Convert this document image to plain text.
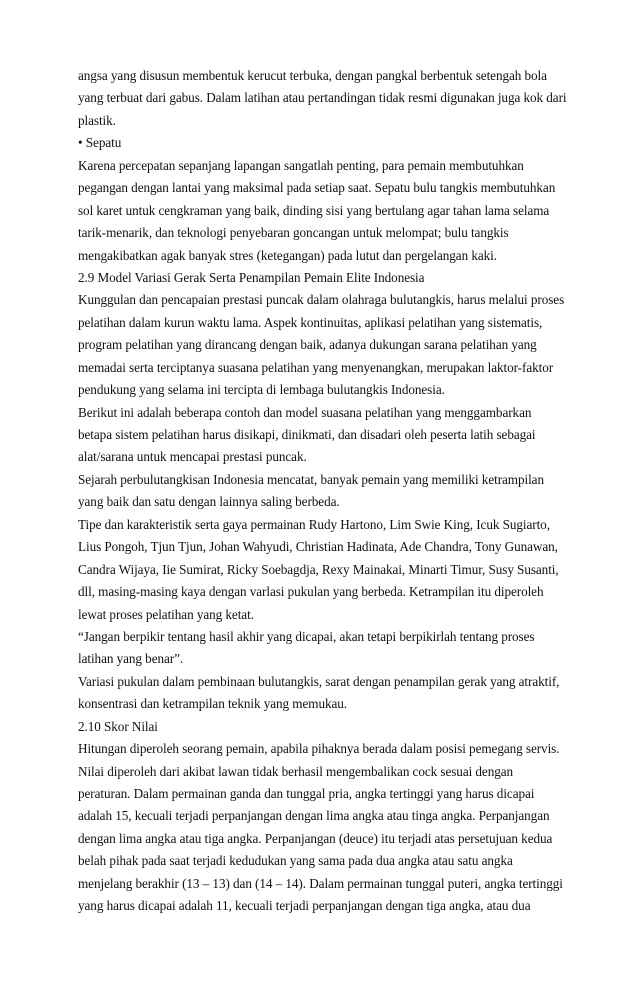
angsa yang disusun membentuk kerucut terbuka, dengan pangkal berbentuk setengah bola
yang terbuat dari gabus. Dalam latihan atau pertandingan tidak resmi digunakan juga kok dari
plastik.
• Sepatu
Karena percepatan sepanjang lapangan sangatlah penting, para pemain membutuhkan
pegangan dengan lantai yang maksimal pada setiap saat. Sepatu bulu tangkis membutuhkan
sol karet untuk cengkraman yang baik, dinding sisi yang bertulang agar tahan lama selama
tarik-menarik, dan teknologi penyebaran goncangan untuk melompat; bulu tangkis
mengakibatkan agak banyak stres (ketegangan) pada lutut dan pergelangan kaki.
2.9 Model Variasi Gerak Serta Penampilan Pemain Elite Indonesia
Kunggulan dan pencapaian prestasi puncak dalam olahraga bulutangkis, harus melalui proses
pelatihan dalam kurun waktu lama. Aspek kontinuitas, aplikasi pelatihan yang sistematis,
program pelatihan yang dirancang dengan baik, adanya dukungan sarana pelatihan yang
memadai serta terciptanya suasana pelatihan yang menyenangkan, merupakan laktor-faktor
pendukung yang selama ini tercipta di lembaga bulutangkis Indonesia.
Berikut ini adalah beberapa contoh dan model suasana pelatihan yang menggambarkan
betapa sistem pelatihan harus disikapi, dinikmati, dan disadari oleh peserta latih sebagai
alat/sarana untuk mencapai prestasi puncak.
Sejarah perbulutangkisan Indonesia mencatat, banyak pemain yang memiliki ketrampilan
yang baik dan satu dengan lainnya saling berbeda.
Tipe dan karakteristik serta gaya permainan Rudy Hartono, Lim Swie King, Icuk Sugiarto,
Lius Pongoh, Tjun Tjun, Johan Wahyudi, Christian Hadinata, Ade Chandra, Tony Gunawan,
Candra Wijaya, Iie Sumirat, Ricky Soebagdja, Rexy Mainakai, Minarti Timur, Susy Susanti,
dll, masing-masing kaya dengan varlasi pukulan yang berbeda. Ketrampilan itu diperoleh
lewat proses pelatihan yang ketat.
“Jangan berpikir tentang hasil akhir yang dicapai, akan tetapi berpikirlah tentang proses
latihan yang benar”.
Variasi pukulan dalam pembinaan bulutangkis, sarat dengan penampilan gerak yang atraktif,
konsentrasi dan ketrampilan teknik yang memukau.
2.10 Skor Nilai
Hitungan diperoleh seorang pemain, apabila pihaknya berada dalam posisi pemegang servis.
Nilai diperoleh dari akibat lawan tidak berhasil mengembalikan cock sesuai dengan
peraturan. Dalam permainan ganda dan tunggal pria, angka tertinggi yang harus dicapai
adalah 15, kecuali terjadi perpanjangan dengan lima angka atau tinga angka. Perpanjangan
dengan lima angka atau tiga angka. Perpanjangan (deuce) itu terjadi atas persetujuan kedua
belah pihak pada saat terjadi kedudukan yang sama pada dua angka atau satu angka
menjelang berakhir (13 – 13) dan (14 – 14). Dalam permainan tunggal puteri, angka tertinggi
yang harus dicapai adalah 11, kecuali terjadi perpanjangan dengan tiga angka, atau dua
